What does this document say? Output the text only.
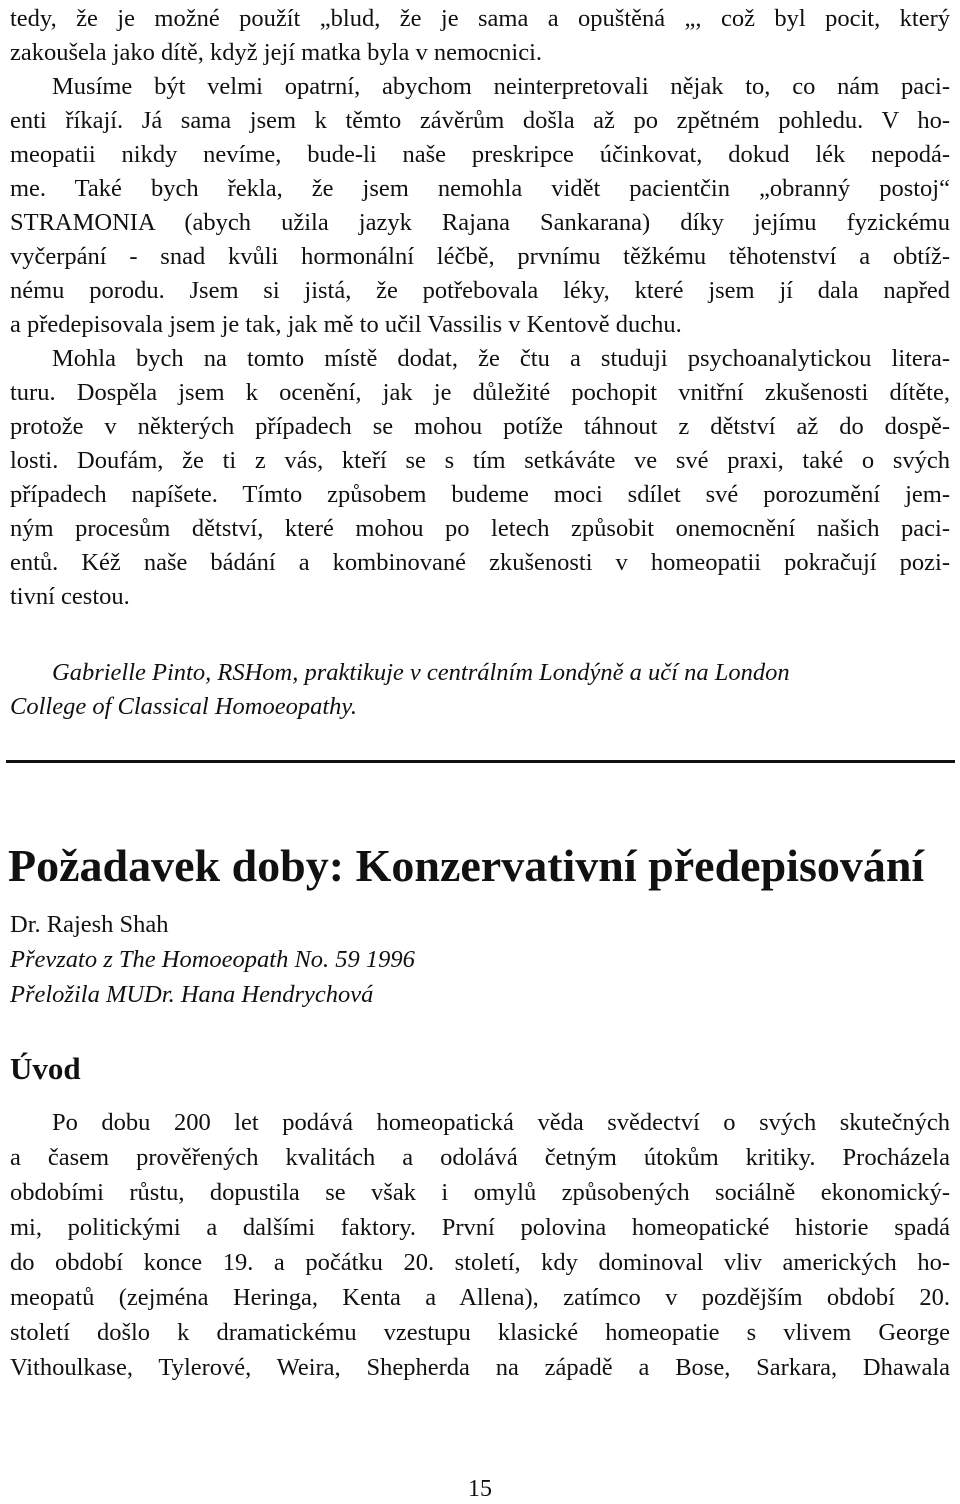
tedy, že je možné použít „blud, že je sama a opuštěná „, což byl pocit, který
zakoušela jako dítě, když její matka byla v nemocnici.
Musíme být velmi opatrní, abychom neinterpretovali nějak to, co nám paci-
enti říkají. Já sama jsem k těmto závěrům došla až po zpětném pohledu. V ho-
meopatii nikdy nevíme, bude-li naše preskripce účinkovat, dokud lék nepodá-
me. Také bych řekla, že jsem nemohla vidět pacientčin „obranný postoj“
STRAMONIA (abych užila jazyk Rajana Sankarana) díky jejímu fyzickému
vyčerpání - snad kvůli hormonální léčbě, prvnímu těžkému těhotenství a obtíž-
nému porodu. Jsem si jistá, že potřebovala léky, které jsem jí dala napřed
a předepisovala jsem je tak, jak mě to učil Vassilis v Kentově duchu.
Mohla bych na tomto místě dodat, že čtu a studuji psychoanalytickou litera-
turu. Dospěla jsem k ocenění, jak je důležité pochopit vnitřní zkušenosti dítěte,
protože v některých případech se mohou potíže táhnout z dětství až do dospě-
losti. Doufám, že ti z vás, kteří se s tím setkáváte ve své praxi, také o svých
případech napíšete. Tímto způsobem budeme moci sdílet své porozumění jem-
ným procesům dětství, které mohou po letech způsobit onemocnění našich paci-
entů. Kéž naše bádání a kombinované zkušenosti v homeopatii pokračují pozi-
tivní cestou.
Gabrielle Pinto, RSHom, praktikuje v centrálním Londýně a učí na London
College of Classical Homoeopathy.
Požadavek doby: Konzervativní předepisování
Dr. Rajesh Shah
Převzato z The Homoeopath No. 59 1996
Přeložila MUDr. Hana Hendrychová
Úvod
Po dobu 200 let podává homeopatická věda svědectví o svých skutečných
a časem prověřených kvalitách a odolává četným útokům kritiky. Procházela
obdobími růstu, dopustila se však i omylů způsobených sociálně ekonomický-
mi, politickými a dalšími faktory. První polovina homeopatické historie spadá
do období konce 19. a počátku 20. století, kdy dominoval vliv amerických ho-
meopatů (zejména Heringa, Kenta a Allena), zatímco v pozdějším období 20.
století došlo k dramatickému vzestupu klasické homeopatie s vlivem George
Vithoulkase, Tylerové, Weira, Shepherda na západě a Bose, Sarkara, Dhawala
15
